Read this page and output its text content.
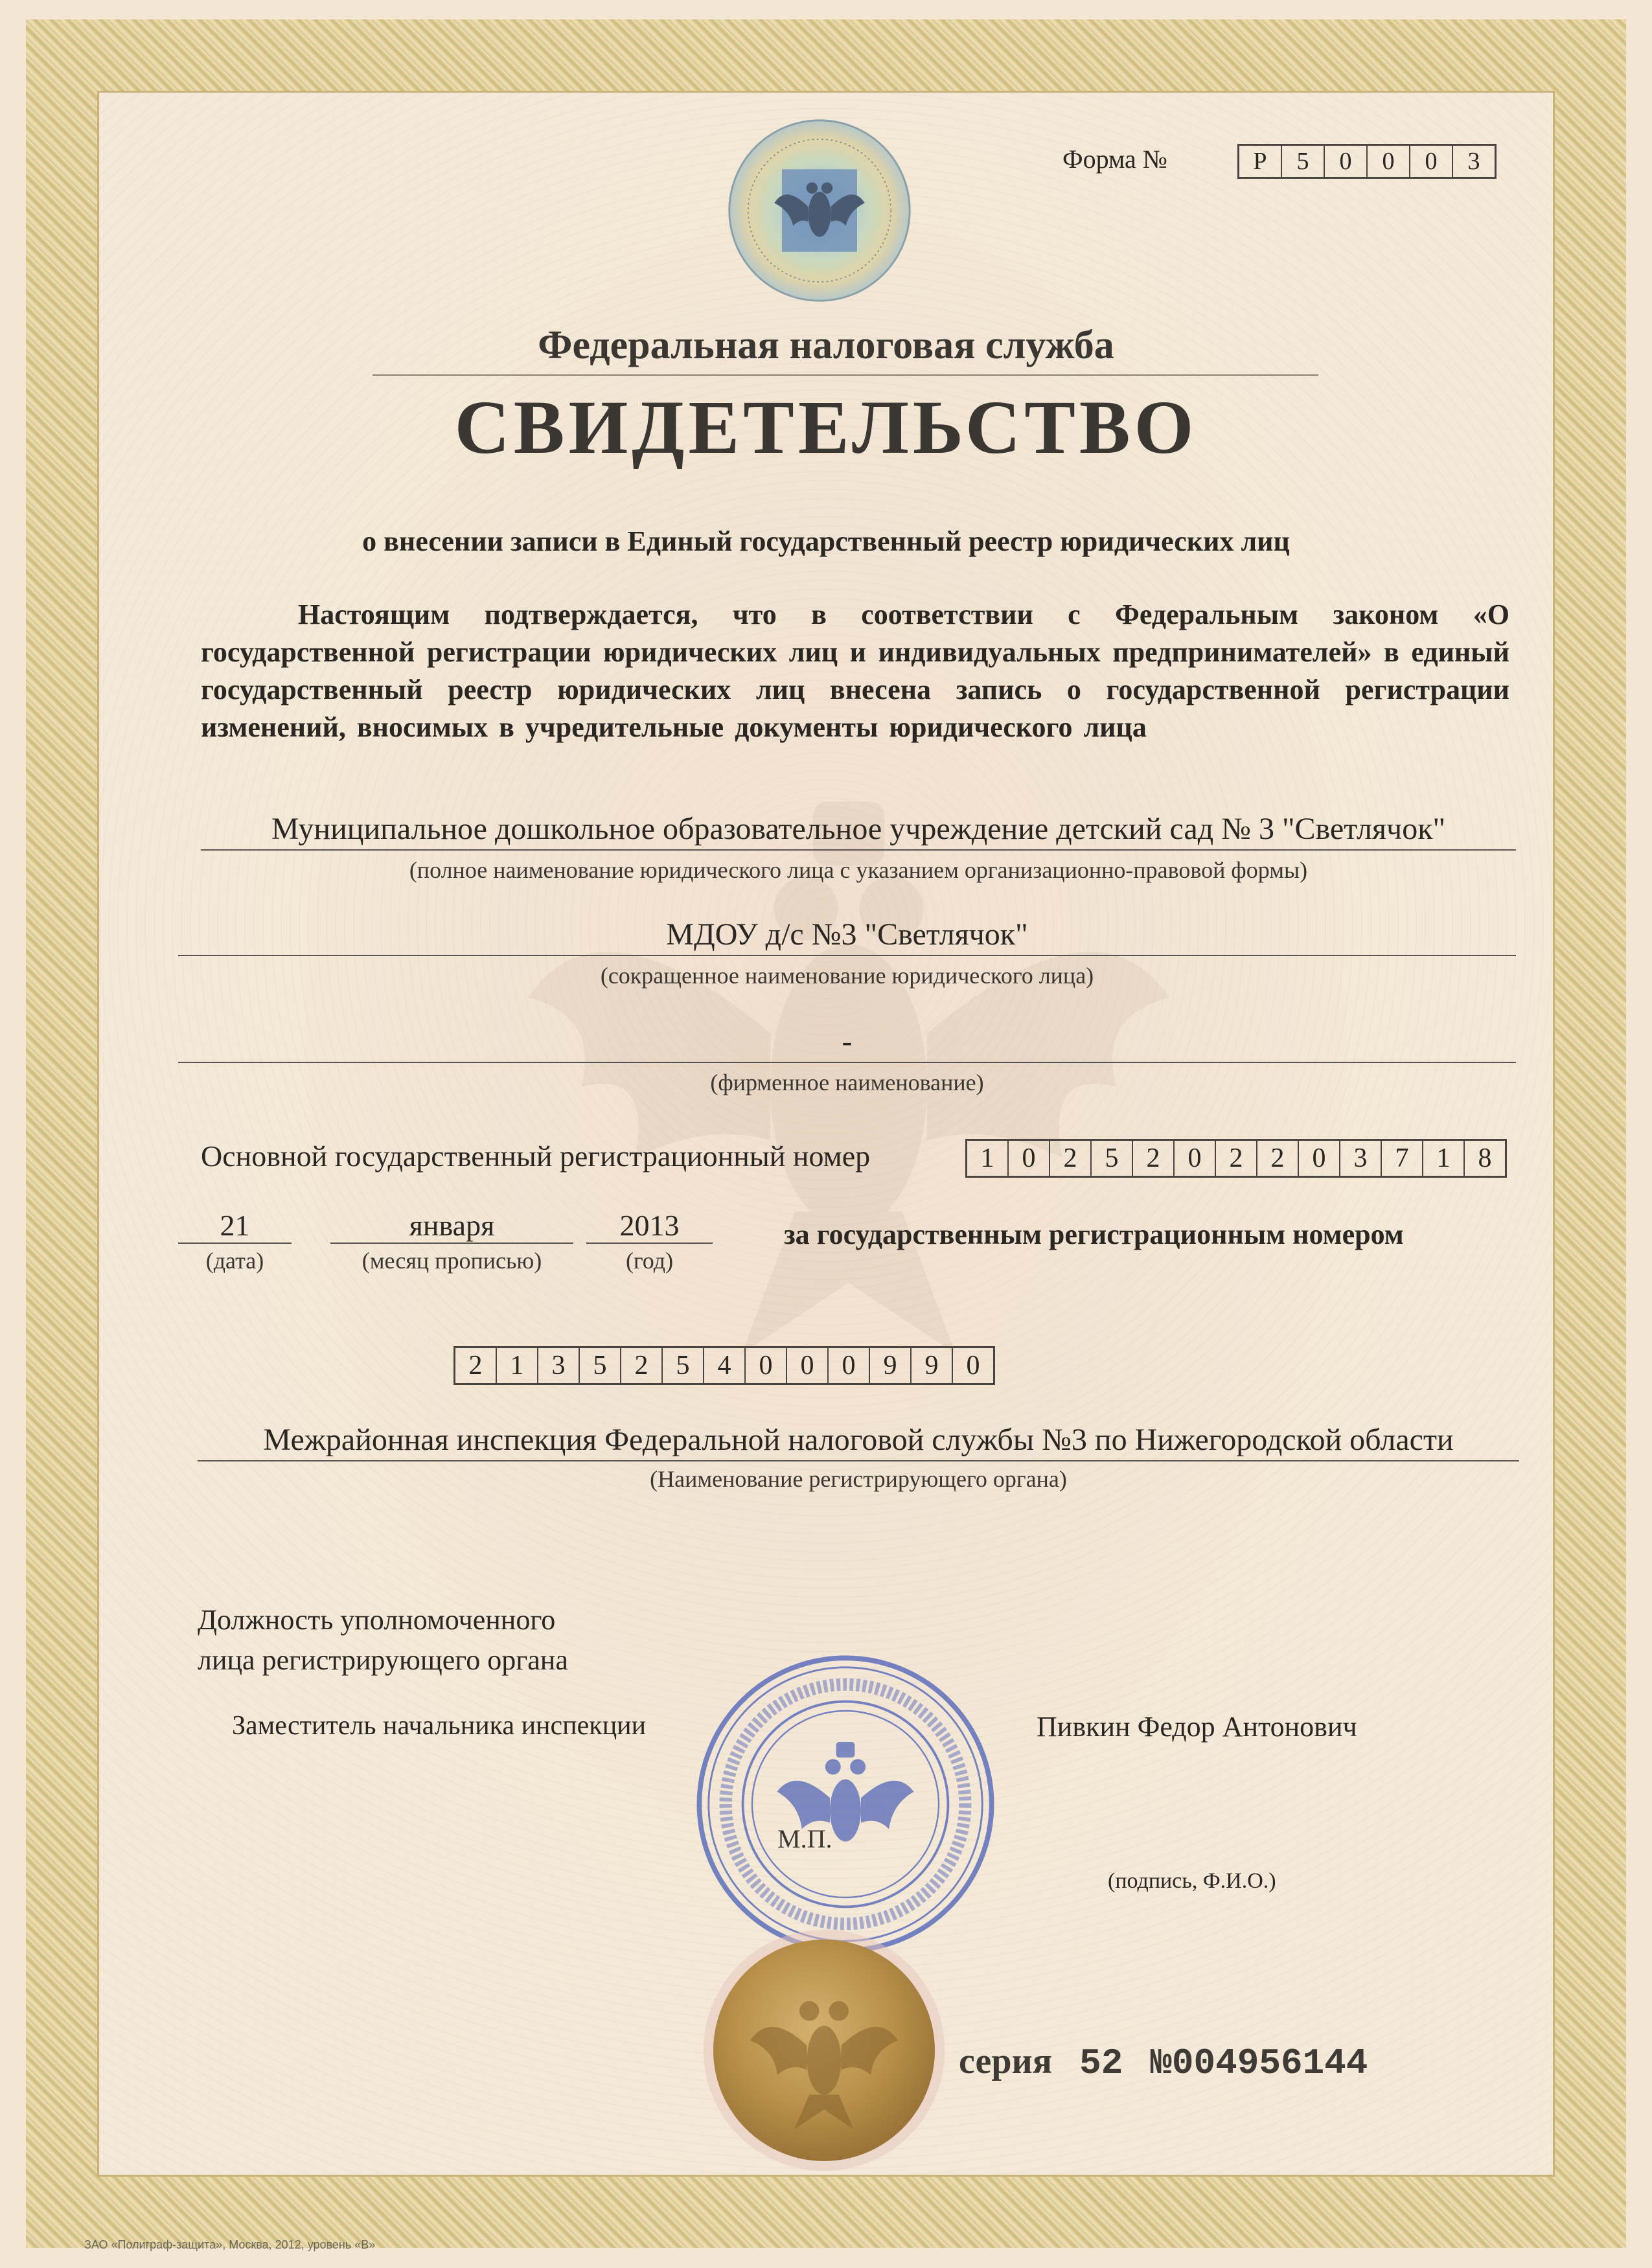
Форма №	Р	5	0	0	0	3
Федеральная налоговая служба
СВИДЕТЕЛЬСТВО
о внесении записи в Единый государственный реестр юридических лиц
Настоящим подтверждается, что в соответствии с Федеральным законом «О государственной регистрации юридических лиц и индивидуальных предпринимателей» в единый государственный реестр юридических лиц внесена запись о государственной регистрации изменений, вносимых в учредительные документы юридического лица
Муниципальное дошкольное образовательное учреждение детский сад № 3 "Светлячок"
(полное наименование юридического лица с указанием организационно-правовой формы)
МДОУ д/с №3 "Светлячок"
(сокращенное наименование юридического лица)
-
(фирменное наименование)
Основной государственный регистрационный номер	1	0	2	5	2	0	2	2	0	3	7	1	8
21
(дата)
января
(месяц прописью)
2013
(год)
за государственным регистрационным номером
2	1	3	5	2	5	4	0	0	0	9	9	0
Межрайонная инспекция Федеральной налоговой службы №3 по Нижегородской области
(Наименование регистрирующего органа)
Должность уполномоченного
лица регистрирующего органа
Заместитель начальника инспекции	Пивкин Федор Антонович
(подпись, Ф.И.О.)
М.П.
серия 52 №004956144
ЗАО «Полиграф-защита», Москва, 2012, уровень «В»
